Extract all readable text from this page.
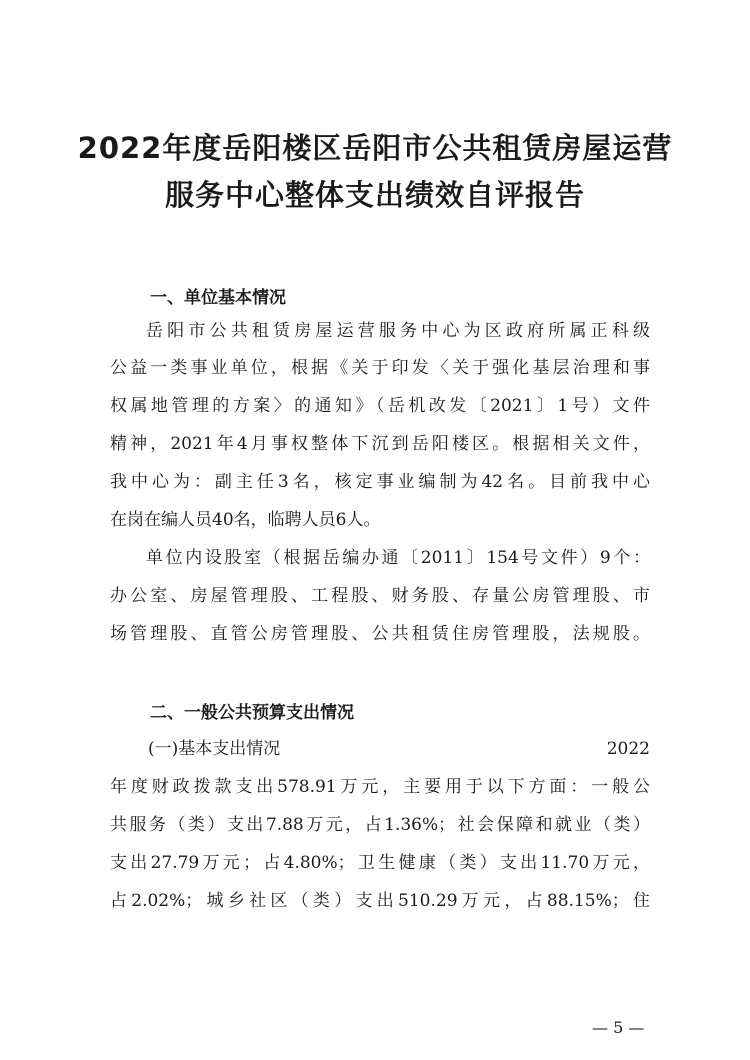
2022年度岳阳楼区岳阳市公共租赁房屋运营
服务中心整体支出绩效自评报告
一、单位基本情况

岳阳市公共租赁房屋运营服务中心为区政府所属正科级

公益一类事业单位，根据《关于印发〈关于强化基层治理和事

权属地管理的方案〉的通知》（岳机改发〔2021〕1号）文件

精神，2021年4月事权整体下沉到岳阳楼区。根据相关文件，

我中心为：副主任3名，核定事业编制为42名。目前我中心

在岗在编人员40名，临聘人员6人。

单位内设股室（根据岳编办通〔2011〕154号文件）9个：

办公室、房屋管理股、工程股、财务股、存量公房管理股、市

场管理股、直管公房管理股、公共租赁住房管理股，法规股。

二、一般公共预算支出情况

(一)基本支出情况	2022

年度财政拨款支出578.91万元，主要用于以下方面：一般公

共服务（类）支出7.88万元，占1.36%；社会保障和就业（类）

支出27.79万元；占4.80%；卫生健康（类）支出11.70万元，

占2.02%；城乡社区（类）支出510.29万元，占88.15%；住

— 5 —
